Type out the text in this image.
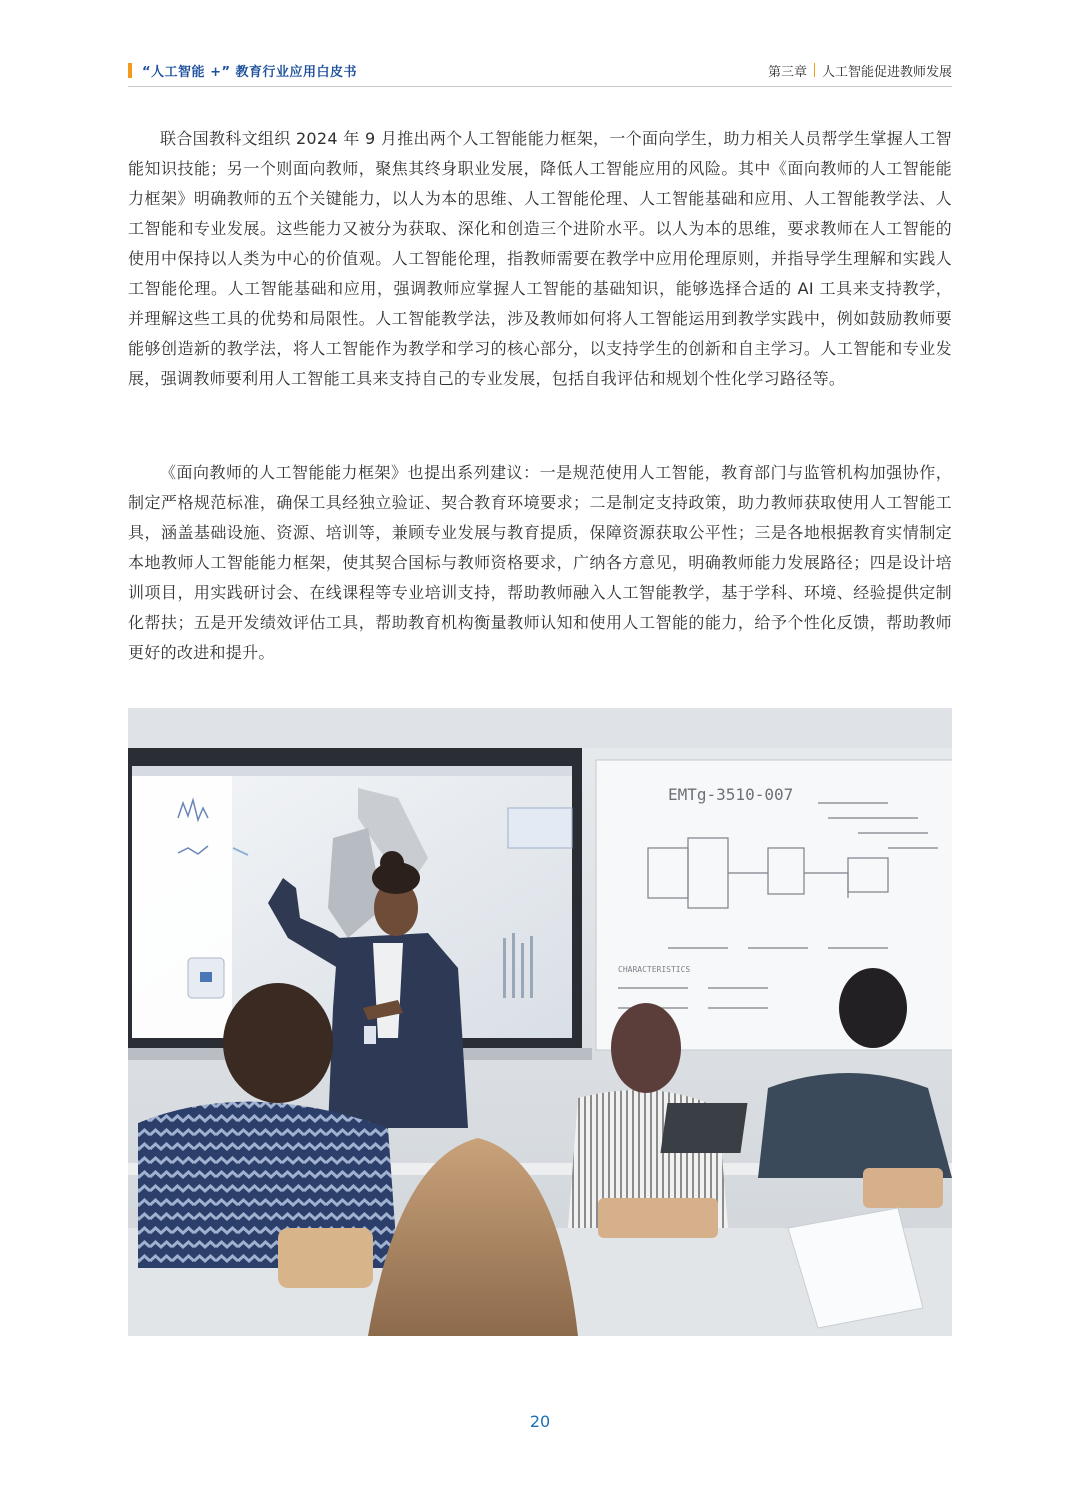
“人工智能 +” 教育行业应用白皮书	第三章 人工智能促进教师发展

联合国教科文组织 2024 年 9 月推出两个人工智能能力框架，一个面向学生，助力相关人员帮学生掌握人工智能知识技能；另一个则面向教师，聚焦其终身职业发展，降低人工智能应用的风险。其中《面向教师的人工智能能力框架》明确教师的五个关键能力，以人为本的思维、人工智能伦理、人工智能基础和应用、人工智能教学法、人工智能和专业发展。这些能力又被分为获取、深化和创造三个进阶水平。以人为本的思维，要求教师在人工智能的使用中保持以人类为中心的价值观。人工智能伦理，指教师需要在教学中应用伦理原则，并指导学生理解和实践人工智能伦理。人工智能基础和应用，强调教师应掌握人工智能的基础知识，能够选择合适的 AI 工具来支持教学，并理解这些工具的优势和局限性。人工智能教学法，涉及教师如何将人工智能运用到教学实践中，例如鼓励教师要能够创造新的教学法，将人工智能作为教学和学习的核心部分，以支持学生的创新和自主学习。人工智能和专业发展，强调教师要利用人工智能工具来支持自己的专业发展，包括自我评估和规划个性化学习路径等。

《面向教师的人工智能能力框架》也提出系列建议：一是规范使用人工智能，教育部门与监管机构加强协作，制定严格规范标准，确保工具经独立验证、契合教育环境要求；二是制定支持政策，助力教师获取使用人工智能工具，涵盖基础设施、资源、培训等，兼顾专业发展与教育提质，保障资源获取公平性；三是各地根据教育实情制定本地教师人工智能能力框架，使其契合国标与教师资格要求，广纳各方意见，明确教师能力发展路径；四是设计培训项目，用实践研讨会、在线课程等专业培训支持，帮助教师融入人工智能教学，基于学科、环境、经验提供定制化帮扶；五是开发绩效评估工具，帮助教育机构衡量教师认知和使用人工智能的能力，给予个性化反馈，帮助教师更好的改进和提升。

EMTg-3510-007
CHARACTERISTICS
20
